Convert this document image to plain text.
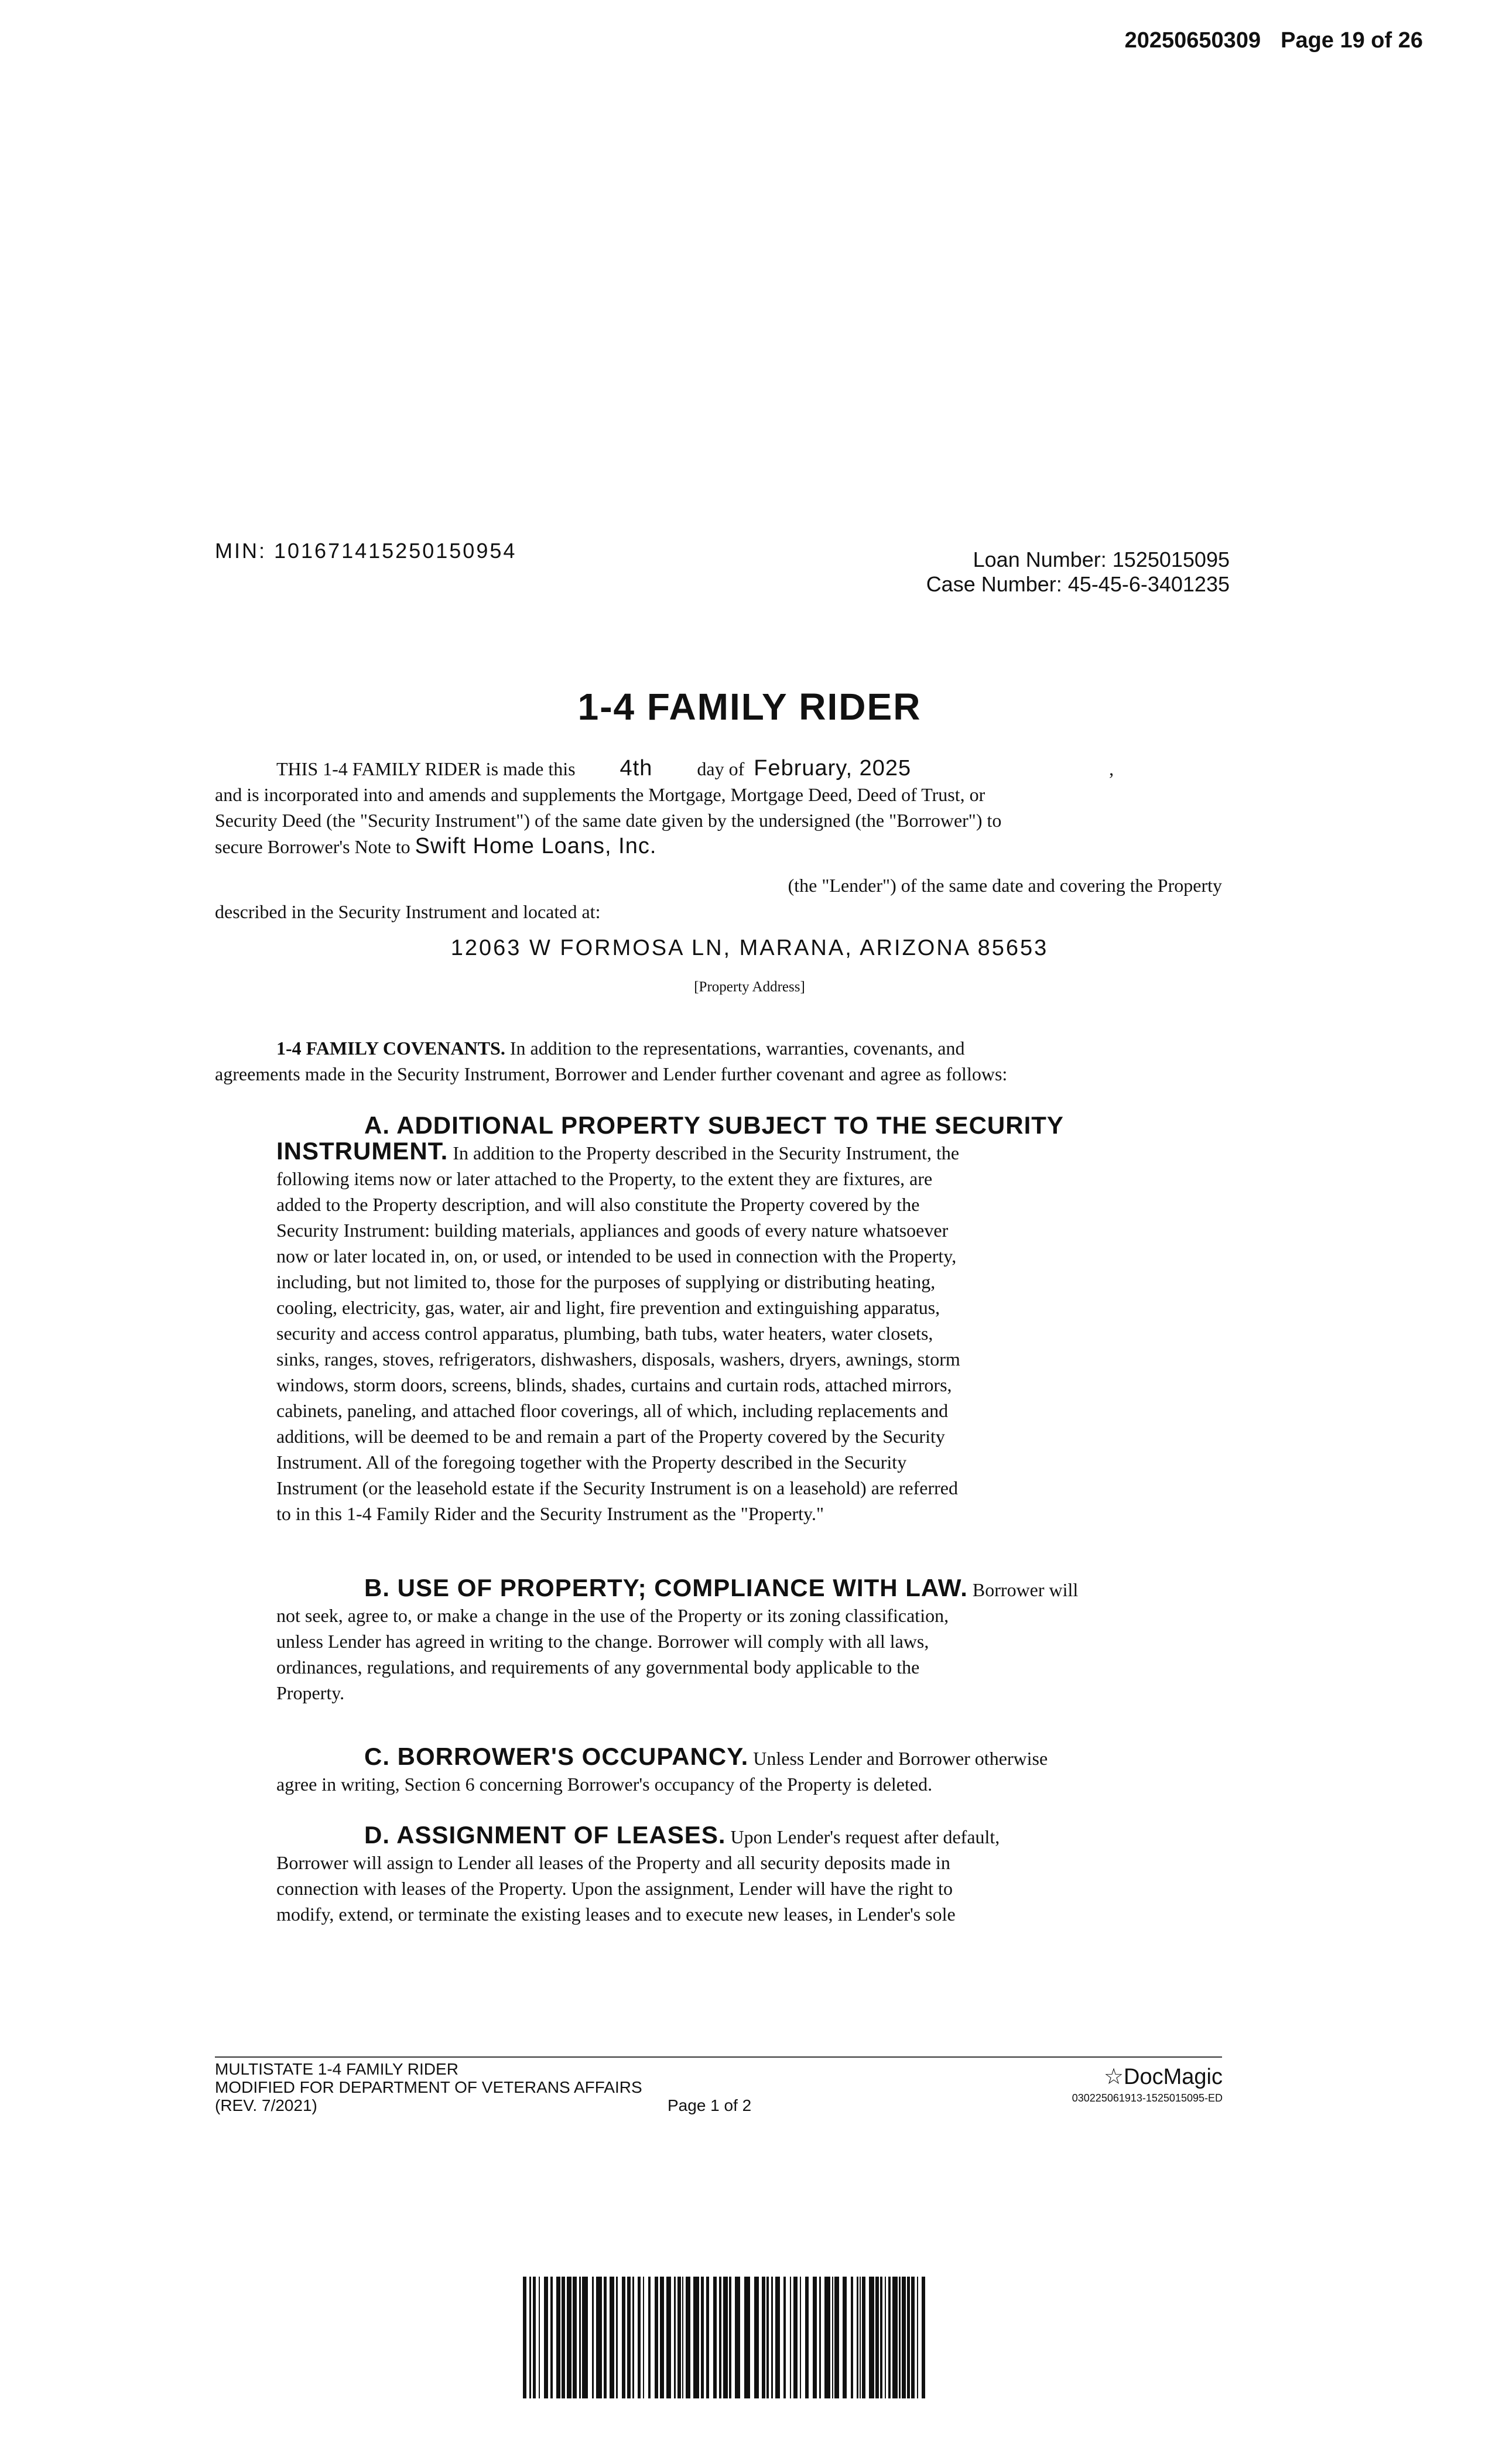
20250650309 Page 19 of 26
MIN: 101671415250150954	Loan Number: 1525015095
Case Number: 45-45-6-3401235
1-4 FAMILY RIDER
THIS 1-4 FAMILY RIDER is made this 4th day of February, 2025	,
and is incorporated into and amends and supplements the Mortgage, Mortgage Deed, Deed of Trust, or
Security Deed (the "Security Instrument") of the same date given by the undersigned (the "Borrower") to
secure Borrower's Note to Swift Home Loans, Inc.
(the "Lender") of the same date and covering the Property
described in the Security Instrument and located at:
12063 W FORMOSA LN, MARANA, ARIZONA 85653
[Property Address]
1-4 FAMILY COVENANTS. In addition to the representations, warranties, covenants, and
agreements made in the Security Instrument, Borrower and Lender further covenant and agree as follows:
A. ADDITIONAL PROPERTY SUBJECT TO THE SECURITY
INSTRUMENT. In addition to the Property described in the Security Instrument, the
following items now or later attached to the Property, to the extent they are fixtures, are
added to the Property description, and will also constitute the Property covered by the
Security Instrument: building materials, appliances and goods of every nature whatsoever
now or later located in, on, or used, or intended to be used in connection with the Property,
including, but not limited to, those for the purposes of supplying or distributing heating,
cooling, electricity, gas, water, air and light, fire prevention and extinguishing apparatus,
security and access control apparatus, plumbing, bath tubs, water heaters, water closets,
sinks, ranges, stoves, refrigerators, dishwashers, disposals, washers, dryers, awnings, storm
windows, storm doors, screens, blinds, shades, curtains and curtain rods, attached mirrors,
cabinets, paneling, and attached floor coverings, all of which, including replacements and
additions, will be deemed to be and remain a part of the Property covered by the Security
Instrument. All of the foregoing together with the Property described in the Security
Instrument (or the leasehold estate if the Security Instrument is on a leasehold) are referred
to in this 1-4 Family Rider and the Security Instrument as the "Property."
B. USE OF PROPERTY; COMPLIANCE WITH LAW. Borrower will
not seek, agree to, or make a change in the use of the Property or its zoning classification,
unless Lender has agreed in writing to the change. Borrower will comply with all laws,
ordinances, regulations, and requirements of any governmental body applicable to the
Property.
C. BORROWER'S OCCUPANCY. Unless Lender and Borrower otherwise
agree in writing, Section 6 concerning Borrower's occupancy of the Property is deleted.
D. ASSIGNMENT OF LEASES. Upon Lender's request after default,
Borrower will assign to Lender all leases of the Property and all security deposits made in
connection with leases of the Property. Upon the assignment, Lender will have the right to
modify, extend, or terminate the existing leases and to execute new leases, in Lender's sole
MULTISTATE 1-4 FAMILY RIDER
MODIFIED FOR DEPARTMENT OF VETERANS AFFAIRS
(REV. 7/2021)	Page 1 of 2
☆DocMagic
030225061913-1525015095-ED
